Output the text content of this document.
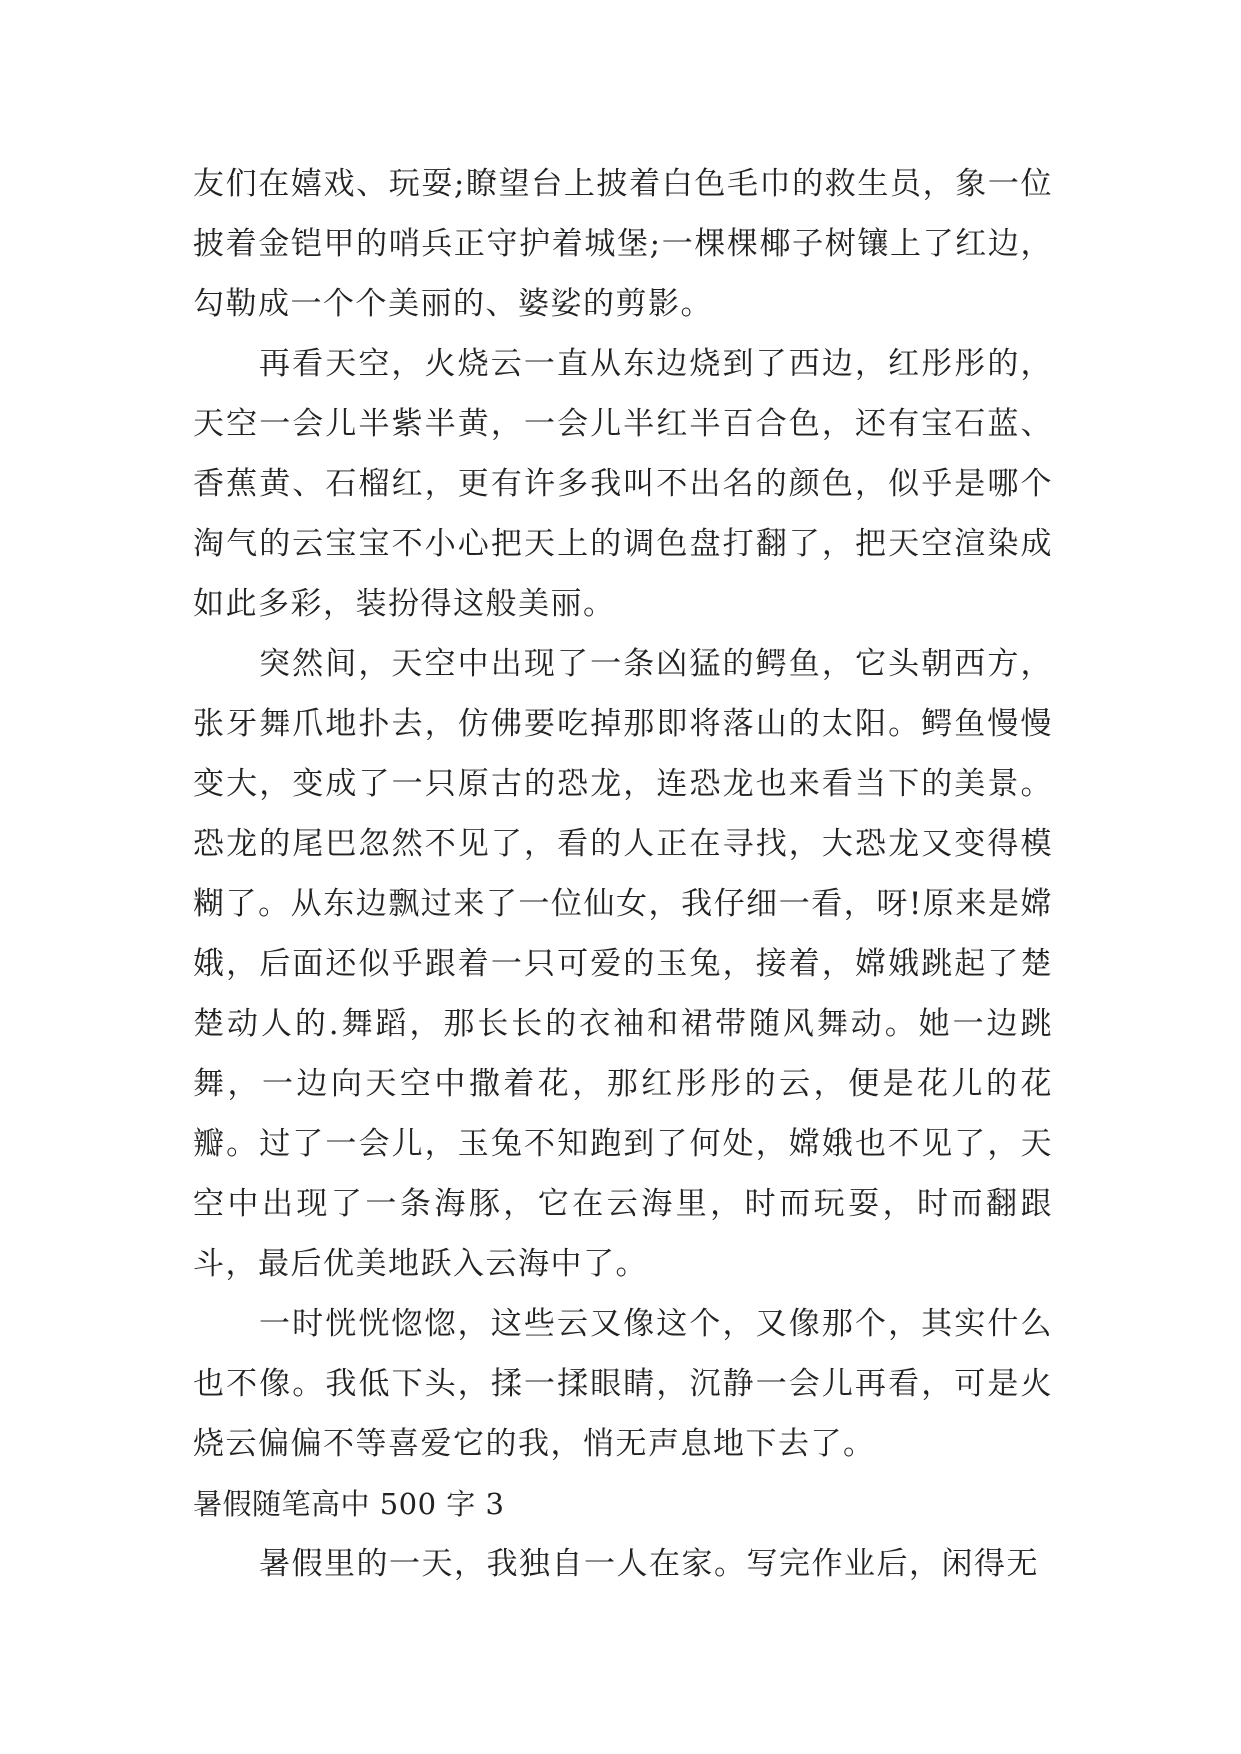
友们在嬉戏、玩耍;瞭望台上披着白色毛巾的救生员，象一位披着金铠甲的哨兵正守护着城堡;一棵棵椰子树镶上了红边，勾勒成一个个美丽的、婆娑的剪影。

再看天空，火烧云一直从东边烧到了西边，红彤彤的，天空一会儿半紫半黄，一会儿半红半百合色，还有宝石蓝、香蕉黄、石榴红，更有许多我叫不出名的颜色，似乎是哪个淘气的云宝宝不小心把天上的调色盘打翻了，把天空渲染成如此多彩，装扮得这般美丽。

突然间，天空中出现了一条凶猛的鳄鱼，它头朝西方，张牙舞爪地扑去，仿佛要吃掉那即将落山的太阳。鳄鱼慢慢变大，变成了一只原古的恐龙，连恐龙也来看当下的美景。恐龙的尾巴忽然不见了，看的人正在寻找，大恐龙又变得模糊了。从东边飘过来了一位仙女，我仔细一看，呀!原来是嫦娥，后面还似乎跟着一只可爱的玉兔，接着，嫦娥跳起了楚楚动人的.舞蹈，那长长的衣袖和裙带随风舞动。她一边跳舞，一边向天空中撒着花，那红彤彤的云，便是花儿的花瓣。过了一会儿，玉兔不知跑到了何处，嫦娥也不见了，天空中出现了一条海豚，它在云海里，时而玩耍，时而翻跟斗，最后优美地跃入云海中了。

一时恍恍惚惚，这些云又像这个，又像那个，其实什么也不像。我低下头，揉一揉眼睛，沉静一会儿再看，可是火烧云偏偏不等喜爱它的我，悄无声息地下去了。

暑假随笔高中 500 字 3

暑假里的一天，我独自一人在家。写完作业后，闲得无
